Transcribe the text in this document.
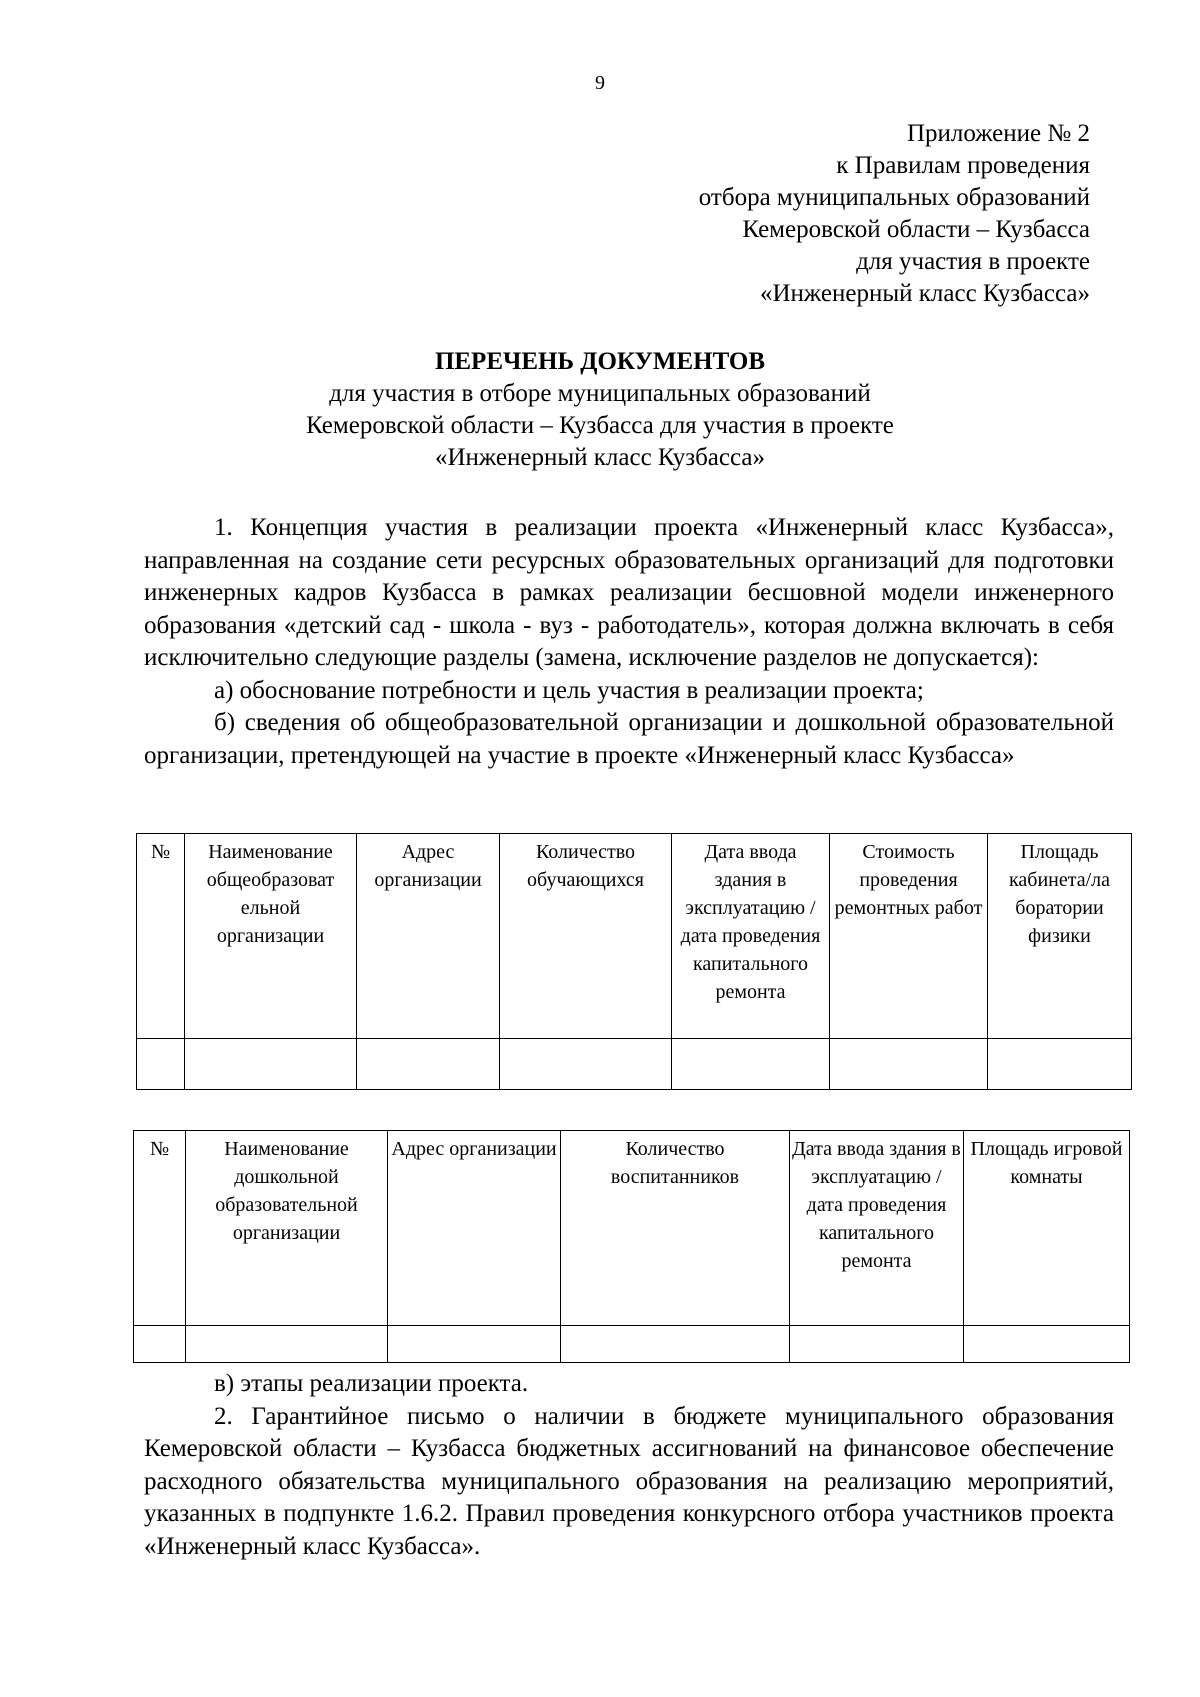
9
Приложение № 2
к Правилам проведения
отбора муниципальных образований
Кемеровской области – Кузбасса
для участия в проекте
«Инженерный класс Кузбасса»
ПЕРЕЧЕНЬ ДОКУМЕНТОВ
для участия в отборе муниципальных образований
Кемеровской области – Кузбасса для участия в проекте
«Инженерный класс Кузбасса»

1. Концепция участия в реализации проекта «Инженерный класс Кузбасса», направленная на создание сети ресурсных образовательных организаций для подготовки инженерных кадров Кузбасса в рамках реализации бесшовной модели инженерного образования «детский сад - школа - вуз - работодатель», которая должна включать в себя исключительно следующие разделы (замена, исключение разделов не допускается):

а) обоснование потребности и цель участия в реализации проекта;

б) сведения об общеобразовательной организации и дошкольной образовательной организации, претендующей на участие в проекте «Инженерный класс Кузбасса»

№	Наименование общеобразоват ельной организации	Адрес организации	Количество обучающихся	Дата ввода здания в эксплуатацию / дата проведения капитального ремонта	Стоимость проведения ремонтных работ	Площадь кабинета/ла боратории физики

№	Наименование дошкольной образовательной организации	Адрес организации	Количество воспитанников	Дата ввода здания в эксплуатацию / дата проведения капитального ремонта	Площадь игровой комнаты

в) этапы реализации проекта.

2. Гарантийное письмо о наличии в бюджете муниципального образования Кемеровской области – Кузбасса бюджетных ассигнований на финансовое обеспечение расходного обязательства муниципального образования на реализацию мероприятий, указанных в подпункте 1.6.2. Правил проведения конкурсного отбора участников проекта «Инженерный класс Кузбасса».
